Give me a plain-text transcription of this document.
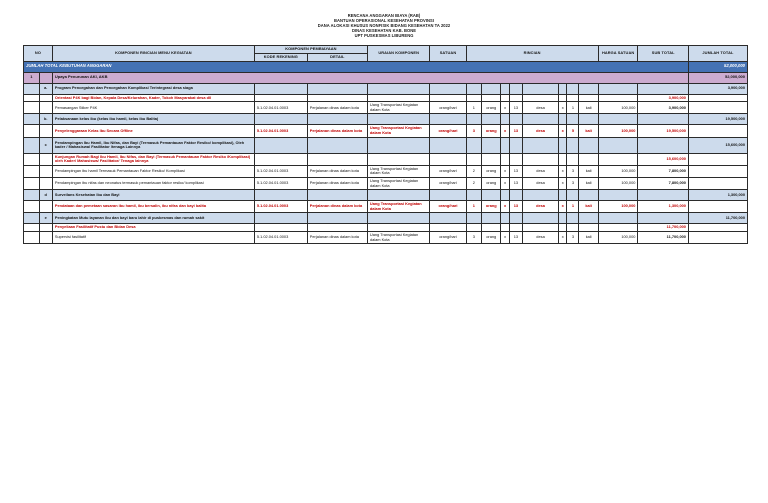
RENCANA ANGGARAN BIAYA (RAB)
BANTUAN OPERASIONAL KESEHATAN PROVINSI
DANA ALOKASI KHUSUS NONFISIK BIDANG KESEHATAN TA 2022
DINAS KESEHATAN KAB. BONE
UPT PUSKESMAS LIBURENG
NO		KOMPONEN RINCIAN MENU KEGIATAN	KOMPONEN PEMBIAYAAN		URAIAN KOMPONEN	SATUAN	RINCIAN								HARGA SATUAN	SUB TOTAL	JUMLAH TOTAL
			KODE REKENING	DETAIL													
JUMLAH TOTAL KEBUTUHAN ANGGARAN																	52,000,000
1		Upaya Penurunan AKI, AKB															52,000,000
	a.	Program Pencegahan dan Pencegahan Komplikasi Terintegrasi desa siaga															3,900,000
		Orientasi P4K bagi Bidan, Kepala Desa/Kelurahan, Kader, Tokoh Masyarakat desa dll														3,900,000	
		Pemasangan Stiker P4K	5.1.02.04.01.0003	Perjalanan dinas dalam kota	Uang Transportasi Kegiatan dalam Kota	orang/hari	1	orang	x	13	desa	x	1	kali	100,000	3,900,000	
	b.	Pelaksanaan kelas ibu (kelas ibu hamil, kelas ibu Balita)															19,500,000
		Penyelenggaraan Kelas Ibu Secara Offline	5.1.02.04.01.0003	Perjalanan dinas dalam kota	Uang Transportasi Kegiatan dalam Kota	orang/hari	3	orang	x	13	desa	x	5	kali	100,000	19,500,000	
	c	Pendampingan Ibu Hamil, Ibu Nifas, dan Bayi (Termasuk Pemantauan Faktor Resiko/ komplikasi), Oleh kader / Mahasiswa/ Fasilitator /tenaga Lainnya															15,600,000
		Kunjungan Rumah Bagi Ibu Hamil, Ibu Nifas, dan Bayi (Termasuk Pemantauan Faktor Resiko /Komplikasi) oleh Kader/ Mahasiswa/ Fasilitator/ Tenaga lainnya														15,600,000	
		Pendampingan ibu hamil Termasuk Pemantauan Faktor Resiko/ Komplikasi	5.1.02.04.01.0003	Perjalanan dinas dalam kota	Uang Transportasi Kegiatan dalam Kota	orang/hari	2	orang	x	13	desa	x	3	kali	100,000	7,800,000	
		Pendampingan ibu nifas dan neonatus termasuk pemantauan faktor resiko/ komplikasi	5.1.02.04.01.0003	Perjalanan dinas dalam kota	Uang Transportasi Kegiatan dalam Kota	orang/hari	2	orang	x	13	desa	x	3	kali	100,000	7,800,000	
	d	Surveilans Kesehatan Ibu dan Bayi															1,300,000
		Pendataan dan pemetaan sasaran ibu hamil, ibu bersalin, ibu nifas dan bayi balita	5.1.02.04.01.0003	Perjalanan dinas dalam kota	Uang Transportasi Kegiatan dalam Kota	orang/hari	1	orang	x	13	desa	x	1	kali	100,000	1,300,000	
	e	Peningkatan Mutu layanan ibu dan bayi baru lahir di puskesmas dan rumah sakit															11,700,000
		Penyeliaan Fasilitatif Pustu dan Bidan Desa														11,700,000	
		Supervisi fasilitatif	5.1.02.04.01.0003	Perjalanan dinas dalam kota	Uang Transportasi Kegiatan dalam Kota	orang/hari	3	orang	x	13	desa	x	3	kali	100,000	11,700,000	
